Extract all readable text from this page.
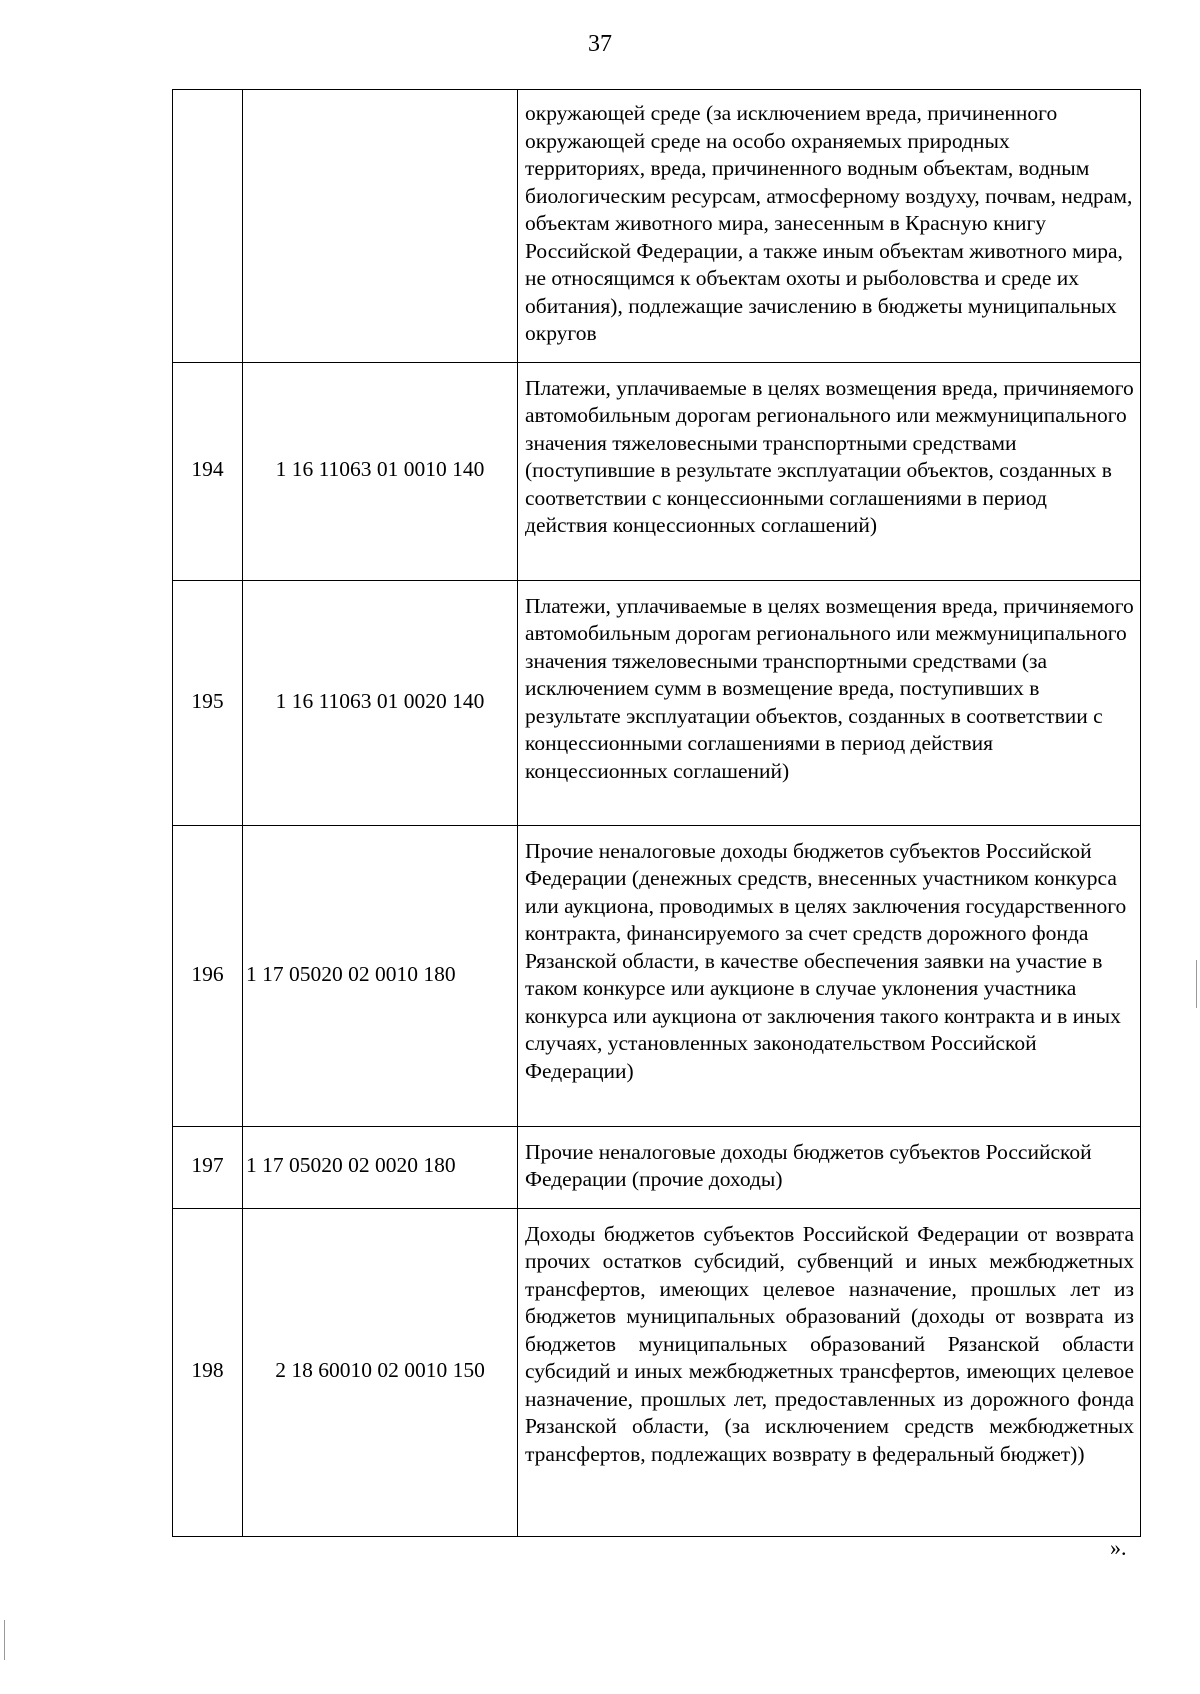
37
		окружающей среде (за исключением вреда, причиненного окружающей среде на особо охраняемых природных территориях, вреда, причиненного водным объектам, водным биологическим ресурсам, атмосферному воздуху, почвам, недрам, объектам животного мира, занесенным в Красную книгу Российской Федерации, а также иным объектам животного мира, не относящимся к объектам охоты и рыболовства и среде их обитания), подлежащие зачислению в бюджеты муниципальных округов
194	1 16 11063 01 0010 140	Платежи, уплачиваемые в целях возмещения вреда, причиняемого автомобильным дорогам регионального или межмуниципального значения тяжеловесными транспортными средствами (поступившие в результате эксплуатации объектов, созданных в соответствии с концессионными соглашениями в период действия концессионных соглашений)
195	1 16 11063 01 0020 140	Платежи, уплачиваемые в целях возмещения вреда, причиняемого автомобильным дорогам регионального или межмуниципального значения тяжеловесными транспортными средствами (за исключением сумм в возмещение вреда, поступивших в результате эксплуатации объектов, созданных в соответствии с концессионными соглашениями в период действия концессионных соглашений)
196	1 17 05020 02 0010 180	Прочие неналоговые доходы бюджетов субъектов Российской Федерации (денежных средств, внесенных участником конкурса или аукциона, проводимых в целях заключения государственного контракта, финансируемого за счет средств дорожного фонда Рязанской области, в качестве обеспечения заявки на участие в таком конкурсе или аукционе в случае уклонения участника конкурса или аукциона от заключения такого контракта и в иных случаях, установленных законодательством Российской Федерации)
197	1 17 05020 02 0020 180	Прочие неналоговые доходы бюджетов субъектов Российской Федерации (прочие доходы)
198	2 18 60010 02 0010 150	Доходы бюджетов субъектов Российской Федерации от возврата прочих остатков субсидий, субвенций и иных межбюджетных трансфертов, имеющих целевое назначение, прошлых лет из бюджетов муниципальных образований (доходы от возврата из бюджетов муниципальных образований Рязанской области субсидий и иных межбюджетных трансфертов, имеющих целевое назначение, прошлых лет, предоставленных из дорожного фонда Рязанской области, (за исключением средств межбюджетных трансфертов, подлежащих возврату в федеральный бюджет))
».
